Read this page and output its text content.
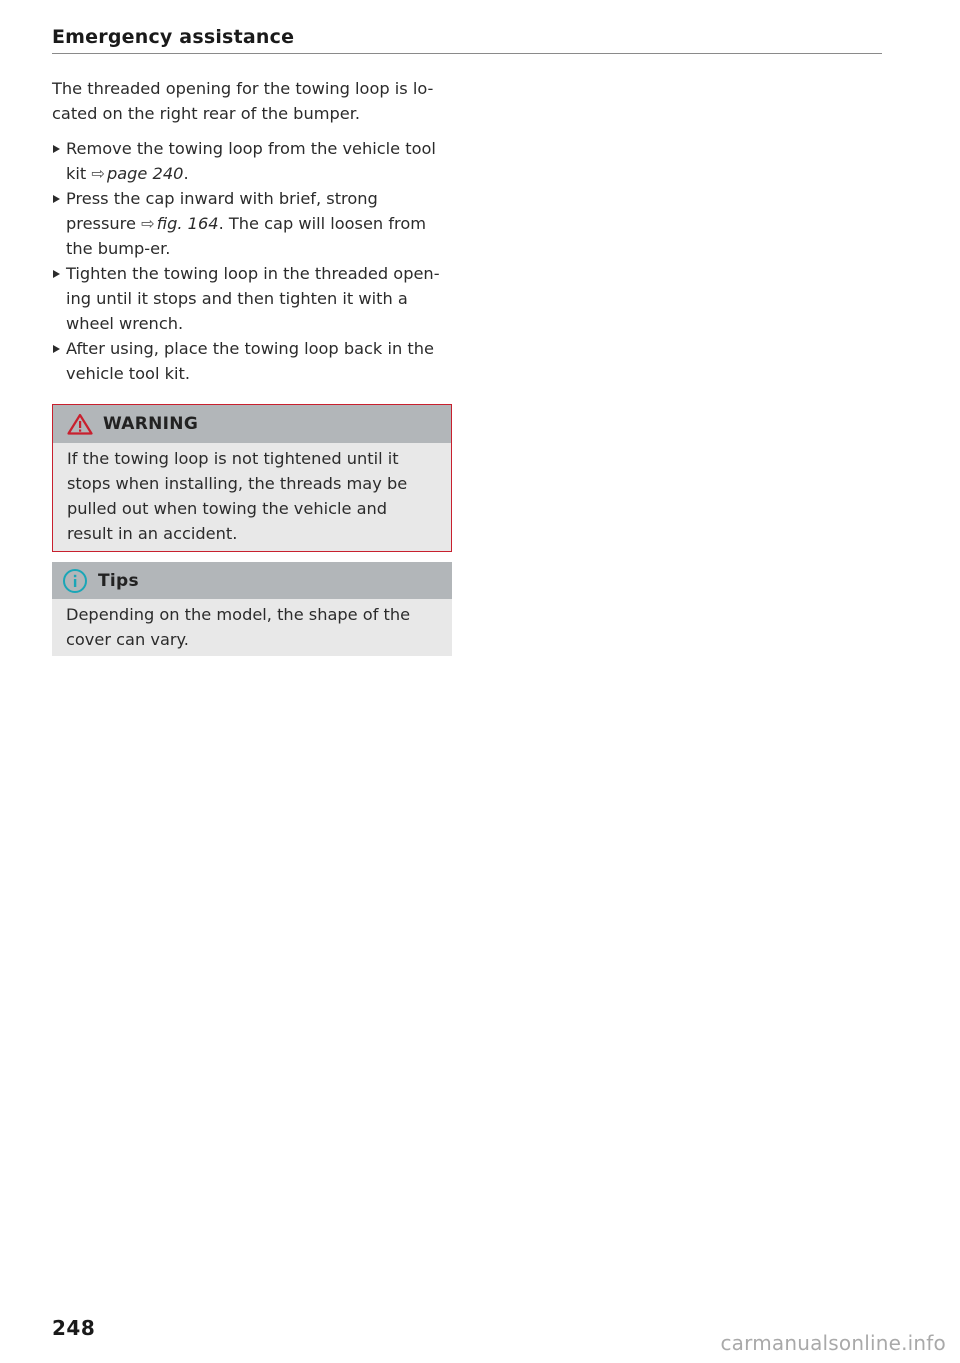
Emergency assistance

The threaded opening for the towing loop is lo-cated on the right rear of the bumper.

Remove the towing loop from the vehicle tool kit ⇨ page 240.
Press the cap inward with brief, strong pressure ⇨ fig. 164. The cap will loosen from the bump-er.
Tighten the towing loop in the threaded open-ing until it stops and then tighten it with a wheel wrench.
After using, place the towing loop back in the vehicle tool kit.
WARNING
If the towing loop is not tightened until it stops when installing, the threads may be pulled out when towing the vehicle and result in an accident.
Tips
Depending on the model, the shape of the cover can vary.
248
carmanualsonline.info
